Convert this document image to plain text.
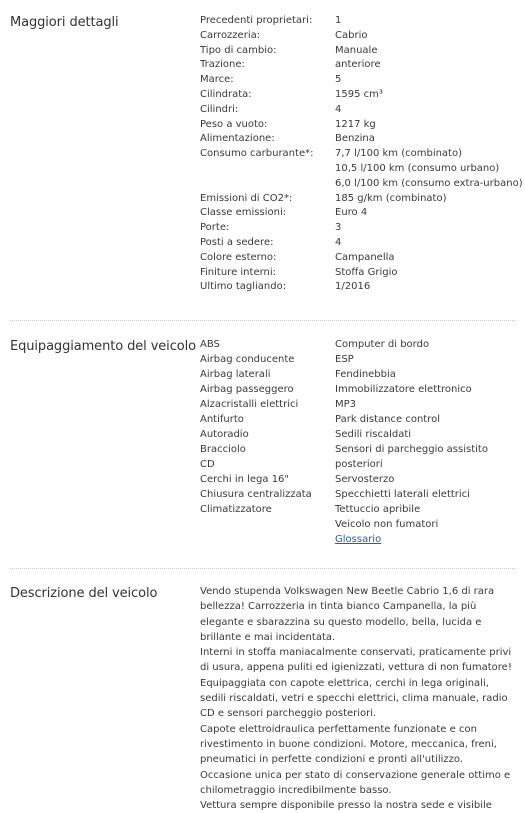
Maggiori dettagli	Precedenti proprietari: 1
Carrozzeria:	Cabrio
Tipo di cambio:	Manuale
Trazione:	anteriore
Marce:	5
Cilindrata:	1595 cm³
Cilindri:	4
Peso a vuoto:	1217 kg
Alimentazione:	Benzina
Consumo carburante*: 7,7 l/100 km (combinato)
10,5 l/100 km (consumo urbano)
6,0 l/100 km (consumo extra-urbano)
Emissioni di CO2*:	185 g/km (combinato)
Classe emissioni:	Euro 4
Porte:	3
Posti a sedere:	4
Colore esterno:	Campanella
Finiture interni:	Stoffa Grigio
Ultimo tagliando:	1/2016
Equipaggiamento del veicolo ABS
Airbag conducente
Airbag laterali
Airbag passeggero
Alzacristalli elettrici
Antifurto
Autoradio
Bracciolo
CD
Cerchi in lega 16"
Chiusura centralizzata
Climatizzatore
Computer di bordo
ESP
Fendinebbia
Immobilizzatore elettronico
MP3
Park distance control
Sedili riscaldati
Sensori di parcheggio assistito
posteriori
Servosterzo
Specchietti laterali elettrici
Tettuccio apribile
Veicolo non fumatori
Glossario
Descrizione del veicolo	Vendo stupenda Volkswagen New Beetle Cabrio 1,6 di rara bellezza! Carrozzeria in tinta bianco Campanella, la più elegante e sbarazzina su questo modello, bella, lucida e brillante e mai incidentata.

Interni in stoffa maniacalmente conservati, praticamente privi di usura, appena puliti ed igienizzati, vettura di non fumatore!

Equipaggiata con capote elettrica, cerchi in lega originali, sedili riscaldati, vetri e specchi elettrici, clima manuale, radio CD e sensori parcheggio posteriori.

Capote elettroidraulica perfettamente funzionate e con rivestimento in buone condizioni. Motore, meccanica, freni, pneumatici in perfette condizioni e pronti all'utilizzo.

Occasione unica per stato di conservazione generale ottimo e chilometraggio incredibilmente basso.

Vettura sempre disponibile presso la nostra sede e visibile
